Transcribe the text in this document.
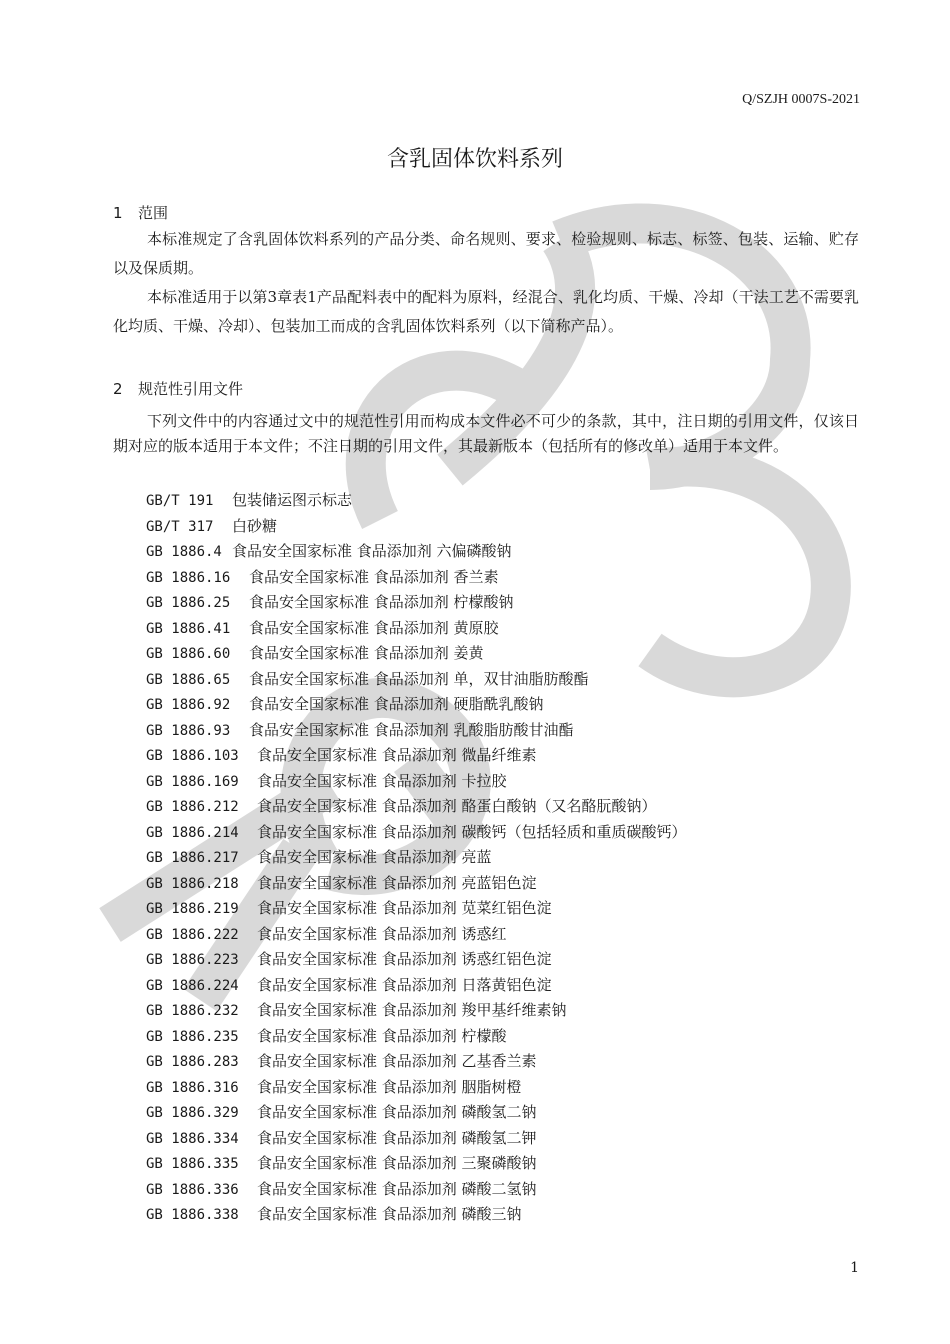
Q/SZJH 0007S-2021
含乳固体饮料系列
1 范围

本标准规定了含乳固体饮料系列的产品分类、命名规则、要求、检验规则、标志、标签、包装、运输、贮存以及保质期。

本标准适用于以第3章表1产品配料表中的配料为原料，经混合、乳化均质、干燥、冷却（干法工艺不需要乳化均质、干燥、冷却）、包装加工而成的含乳固体饮料系列（以下简称产品）。

2 规范性引用文件

下列文件中的内容通过文中的规范性引用而构成本文件必不可少的条款，其中，注日期的引用文件，仅该日期对应的版本适用于本文件；不注日期的引用文件，其最新版本（包括所有的修改单）适用于本文件。

GB/T 191 包装储运图示标志
GB/T 317 白砂糖
GB 1886.4 食品安全国家标准 食品添加剂 六偏磷酸钠
GB 1886.16 食品安全国家标准 食品添加剂 香兰素
GB 1886.25 食品安全国家标准 食品添加剂 柠檬酸钠
GB 1886.41 食品安全国家标准 食品添加剂 黄原胶
GB 1886.60 食品安全国家标准 食品添加剂 姜黄
GB 1886.65 食品安全国家标准 食品添加剂 单，双甘油脂肪酸酯
GB 1886.92 食品安全国家标准 食品添加剂 硬脂酰乳酸钠
GB 1886.93 食品安全国家标准 食品添加剂 乳酸脂肪酸甘油酯
GB 1886.103 食品安全国家标准 食品添加剂 微晶纤维素
GB 1886.169 食品安全国家标准 食品添加剂 卡拉胶
GB 1886.212 食品安全国家标准 食品添加剂 酪蛋白酸钠（又名酪朊酸钠）
GB 1886.214 食品安全国家标准 食品添加剂 碳酸钙（包括轻质和重质碳酸钙）
GB 1886.217 食品安全国家标准 食品添加剂 亮蓝
GB 1886.218 食品安全国家标准 食品添加剂 亮蓝铝色淀
GB 1886.219 食品安全国家标准 食品添加剂 苋菜红铝色淀
GB 1886.222 食品安全国家标准 食品添加剂 诱惑红
GB 1886.223 食品安全国家标准 食品添加剂 诱惑红铝色淀
GB 1886.224 食品安全国家标准 食品添加剂 日落黄铝色淀
GB 1886.232 食品安全国家标准 食品添加剂 羧甲基纤维素钠
GB 1886.235 食品安全国家标准 食品添加剂 柠檬酸
GB 1886.283 食品安全国家标准 食品添加剂 乙基香兰素
GB 1886.316 食品安全国家标准 食品添加剂 胭脂树橙
GB 1886.329 食品安全国家标准 食品添加剂 磷酸氢二钠
GB 1886.334 食品安全国家标准 食品添加剂 磷酸氢二钾
GB 1886.335 食品安全国家标准 食品添加剂 三聚磷酸钠
GB 1886.336 食品安全国家标准 食品添加剂 磷酸二氢钠
GB 1886.338 食品安全国家标准 食品添加剂 磷酸三钠
1
